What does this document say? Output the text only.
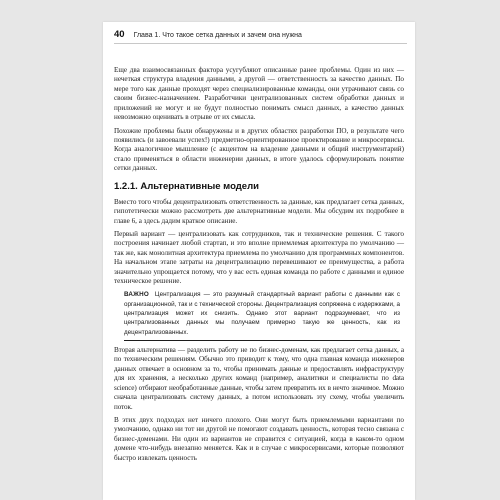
40 Глава 1. Что такое сетка данных и зачем она нужна

Еще два взаимосвязанных фактора усугубляют описанные ранее проблемы. Один из них — нечеткая структура владения данными, а другой — ответственность за качество данных. По мере того как данные проходят через специализированные команды, они утрачивают связь со своим бизнес-назначением. Разработчики централизованных систем обработки данных и приложений не могут и не будут полностью понимать смысл данных, а качество данных невозможно оценивать в отрыве от их смысла.

Похожие проблемы были обнаружены и в других областях разработки ПО, в результате чего появились (и завоевали успех!) предметно-ориентированное проектирование и микросервисы. Когда аналогичное мышление (с акцентом на владение данными и общий инструментарий) стало применяться в области инженерии данных, в итоге удалось сформулировать понятие сетки данных.

1.2.1. Альтернативные модели

Вместо того чтобы децентрализовать ответственность за данные, как предлагает сетка данных, гипотетически можно рассмотреть две альтернативные модели. Мы обсудим их подробнее в главе 6, а здесь дадим краткое описание.

Первый вариант — централизовать как сотрудников, так и технические решения. С такого построения начинает любой стартап, и это вполне приемлемая архитектура по умолчанию — так же, как монолитная архитектура приемлема по умолчанию для программных компонентов. На начальном этапе затраты на децентрализацию перевешивают ее преимущества, а работа значительно упрощается потому, что у вас есть единая команда по работе с данными и единое техническое решение.

ВАЖНО Централизация — это разумный стандартный вариант работы с данными как с организационной, так и с технической стороны. Децентрализация сопряжена с издержками, а централизация может их снизить. Однако этот вариант подразумевает, что из централизованных данных мы получаем примерно такую же ценность, как из децентрализованных.

Вторая альтернатива — разделить работу не по бизнес-доменам, как предлагает сетка данных, а по техническим решениям. Обычно это приводит к тому, что одна главная команда инженеров данных отвечает в основном за то, чтобы принимать данные и предоставлять инфраструктуру для их хранения, а несколько других команд (например, аналитики и специалисты по data science) отбирают необработанные данные, чтобы затем превратить их в нечто значимое. Можно сначала централизовать систему данных, а потом использовать эту схему, чтобы увеличить поток.

В этих двух подходах нет ничего плохого. Они могут быть приемлемыми вариантами по умолчанию, однако ни тот ни другой не помогают создавать ценность, которая тесно связана с бизнес-доменами. Ни один из вариантов не справится с ситуацией, когда в каком-то одном домене что-нибудь внезапно меняется. Как и в случае с микросервисами, которые позволяют быстро извлекать ценность
